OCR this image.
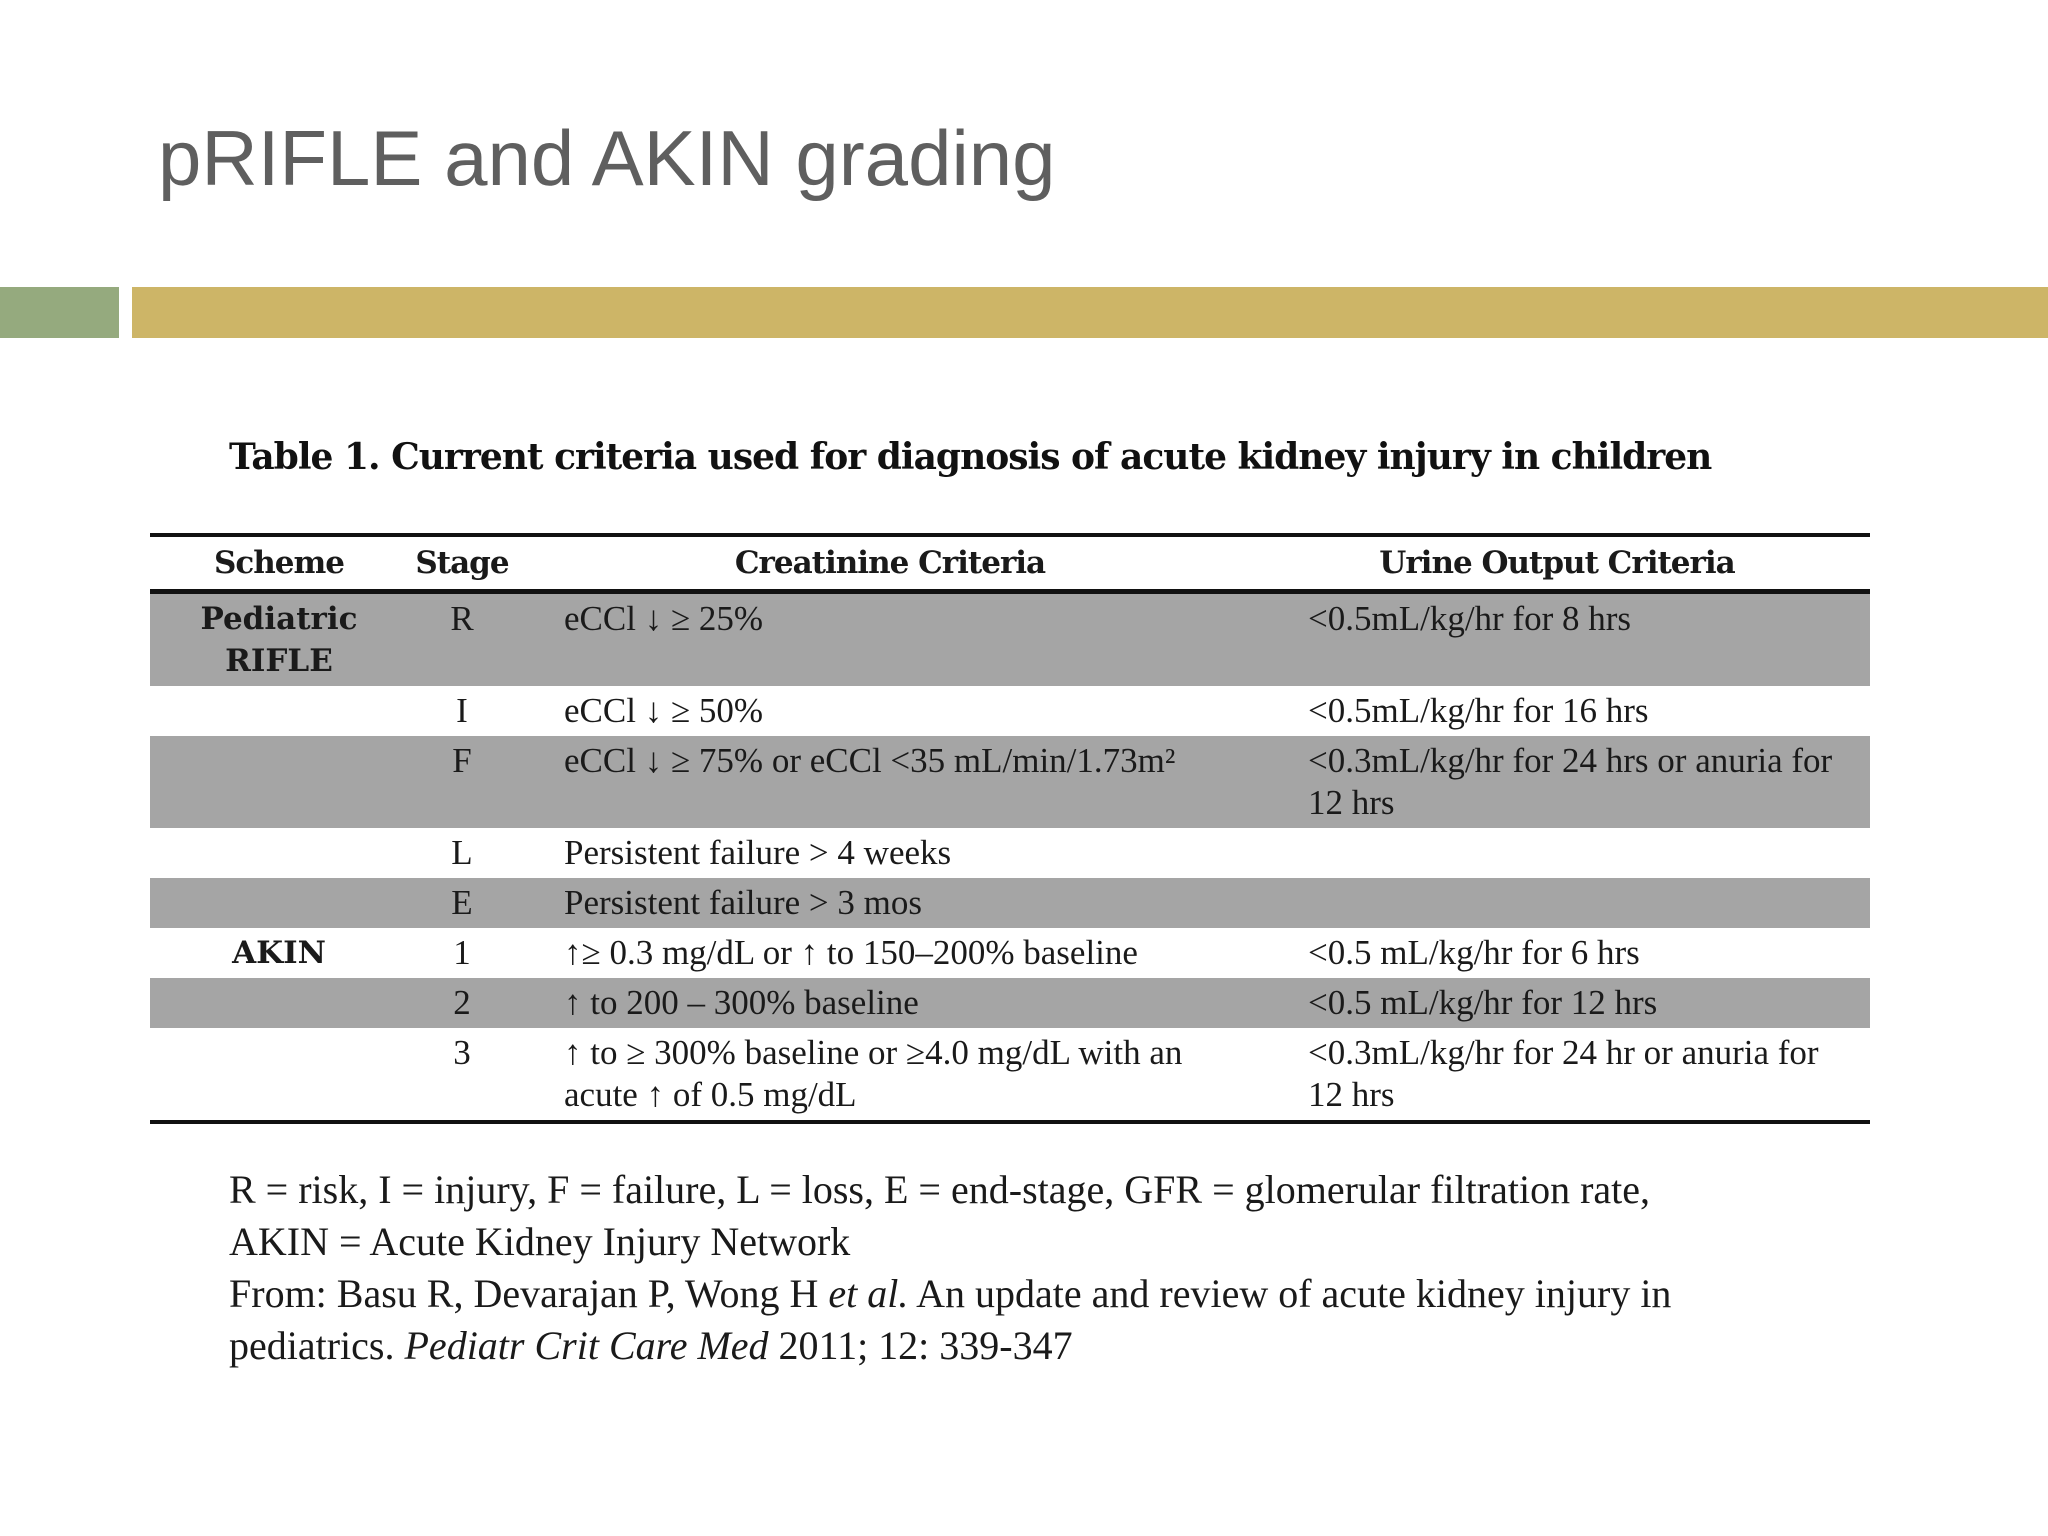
pRIFLE and AKIN grading
Table 1. Current criteria used for diagnosis of acute kidney injury in children
Scheme	Stage	Creatinine Criteria	Urine Output Criteria
Pediatric RIFLE	R	eCCl ↓ ≥ 25%	<0.5mL/kg/hr for 8 hrs
	I	eCCl ↓ ≥ 50%	<0.5mL/kg/hr for 16 hrs
	F	eCCl ↓ ≥ 75% or eCCl <35 mL/min/1.73m²	<0.3mL/kg/hr for 24 hrs or anuria for 12 hrs
	L	Persistent failure > 4 weeks	
	E	Persistent failure > 3 mos	
AKIN	1	↑≥ 0.3 mg/dL or ↑ to 150–200% baseline	<0.5 mL/kg/hr for 6 hrs
	2	↑ to 200 – 300% baseline	<0.5 mL/kg/hr for 12 hrs
	3	↑ to ≥ 300% baseline or ≥4.0 mg/dL with an acute ↑ of 0.5 mg/dL	<0.3mL/kg/hr for 24 hr or anuria for 12 hrs

R = risk, I = injury, F = failure, L = loss, E = end-stage, GFR = glomerular filtration rate, AKIN = Acute Kidney Injury Network

From: Basu R, Devarajan P, Wong H et al. An update and review of acute kidney injury in pediatrics. Pediatr Crit Care Med 2011; 12: 339-347
